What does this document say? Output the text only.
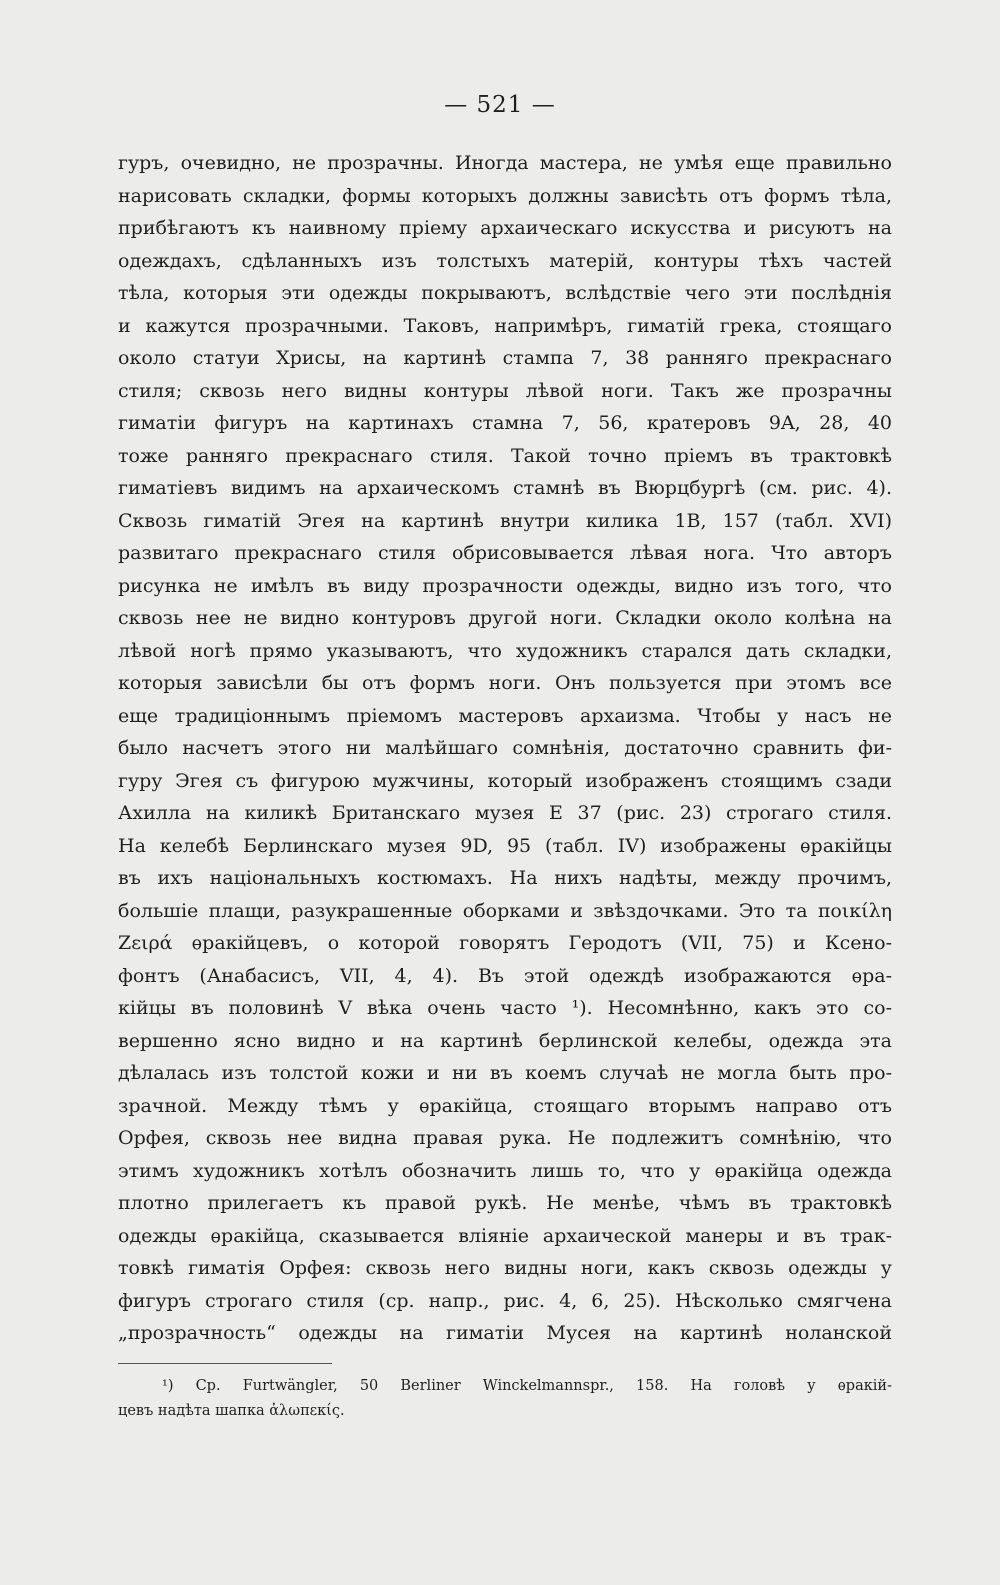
— 521 —
гуръ, очевидно, не прозрачны. Иногда мастера, не умѣя еще правильно
нарисовать складки, формы которыхъ должны зависѣть отъ формъ тѣла,
прибѣгаютъ къ наивному пріему архаическаго искусства и рисуютъ на
одеждахъ, сдѣланныхъ изъ толстыхъ матерій, контуры тѣхъ частей
тѣла, которыя эти одежды покрываютъ, вслѣдствіе чего эти послѣднія
и кажутся прозрачными. Таковъ, напримѣръ, гиматій грека, стоящаго
около статуи Хрисы, на картинѣ стампа 7, 38 ранняго прекраснаго
стиля; сквозь него видны контуры лѣвой ноги. Такъ же прозрачны
гиматіи фигуръ на картинахъ стамна 7, 56, кратеровъ 9A, 28, 40
тоже ранняго прекраснаго стиля. Такой точно пріемъ въ трактовкѣ
гиматіевъ видимъ на архаическомъ стамнѣ въ Вюрцбургѣ (см. рис. 4).
Сквозь гиматій Эгея на картинѣ внутри килика 1B, 157 (табл. XVI)
развитаго прекраснаго стиля обрисовывается лѣвая нога. Что авторъ
рисунка не имѣлъ въ виду прозрачности одежды, видно изъ того, что
сквозь нее не видно контуровъ другой ноги. Складки около колѣна на
лѣвой ногѣ прямо указываютъ, что художникъ старался дать складки,
которыя зависѣли бы отъ формъ ноги. Онъ пользуется при этомъ все
еще традиціоннымъ пріемомъ мастеровъ архаизма. Чтобы у насъ не
было насчетъ этого ни малѣйшаго сомнѣнія, достаточно сравнить фи-
гуру Эгея съ фигурою мужчины, который изображенъ стоящимъ сзади
Ахилла на киликѣ Британскаго музея E 37 (рис. 23) строгаго стиля.
На келебѣ Берлинскаго музея 9D, 95 (табл. IV) изображены ѳракійцы
въ ихъ національныхъ костюмахъ. На нихъ надѣты, между прочимъ,
большіе плащи, разукрашенные оборками и звѣздочками. Это та ποικίλη
Ζειρά ѳракійцевъ, о которой говорятъ Геродотъ (VII, 75) и Ксено-
фонтъ (Анабасисъ, VII, 4, 4). Въ этой одеждѣ изображаются ѳра-
кійцы въ половинѣ V вѣка очень часто ¹). Несомнѣнно, какъ это со-
вершенно ясно видно и на картинѣ берлинской келебы, одежда эта
дѣлалась изъ толстой кожи и ни въ коемъ случаѣ не могла быть про-
зрачной. Между тѣмъ у ѳракійца, стоящаго вторымъ направо отъ
Орфея, сквозь нее видна правая рука. Не подлежитъ сомнѣнію, что
этимъ художникъ хотѣлъ обозначить лишь то, что у ѳракійца одежда
плотно прилегаетъ къ правой рукѣ. Не менѣе, чѣмъ въ трактовкѣ
одежды ѳракійца, сказывается вліяніе архаической манеры и въ трак-
товкѣ гиматія Орфея: сквозь него видны ноги, какъ сквозь одежды у
фигуръ строгаго стиля (ср. напр., рис. 4, 6, 25). Нѣсколько смягчена
„прозрачность“ одежды на гиматіи Мусея на картинѣ ноланской
¹) Ср. Furtwängler, 50 Berliner Winckelmannspr., 158. На головѣ у ѳракій-
цевъ надѣта шапка ἀλωπεκίς.
